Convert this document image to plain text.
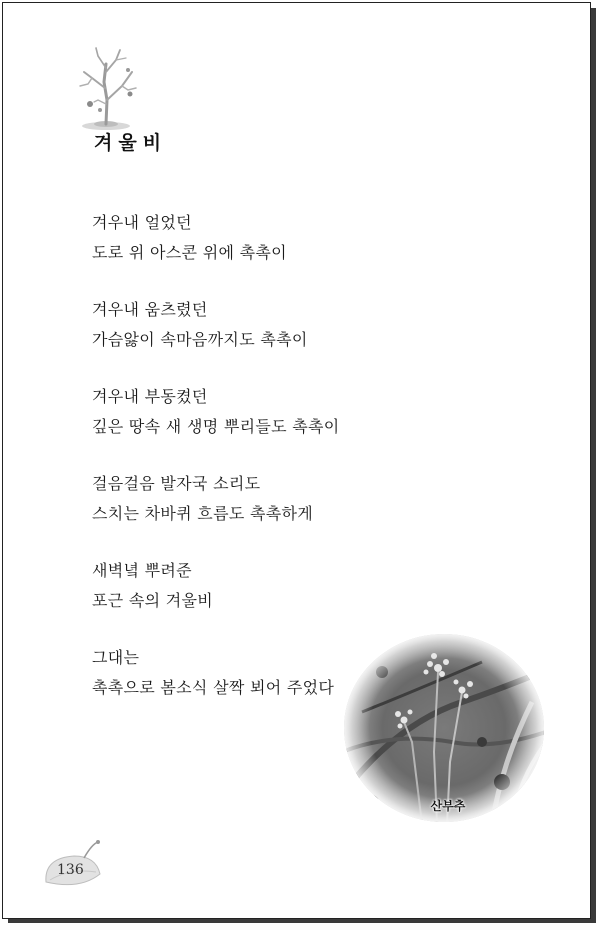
겨울비
겨우내 얼었던
도로 위 아스콘 위에 촉촉이
겨우내 움츠렸던
가슴앓이 속마음까지도 촉촉이
겨우내 부동켰던
깊은 땅속 새 생명 뿌리들도 촉촉이
걸음걸음 발자국 소리도
스치는 차바퀴 흐름도 촉촉하게
새벽녘 뿌려준
포근 속의 겨울비
그대는
촉촉으로 봄소식 살짝 뵈어 주었다
산부추
136
